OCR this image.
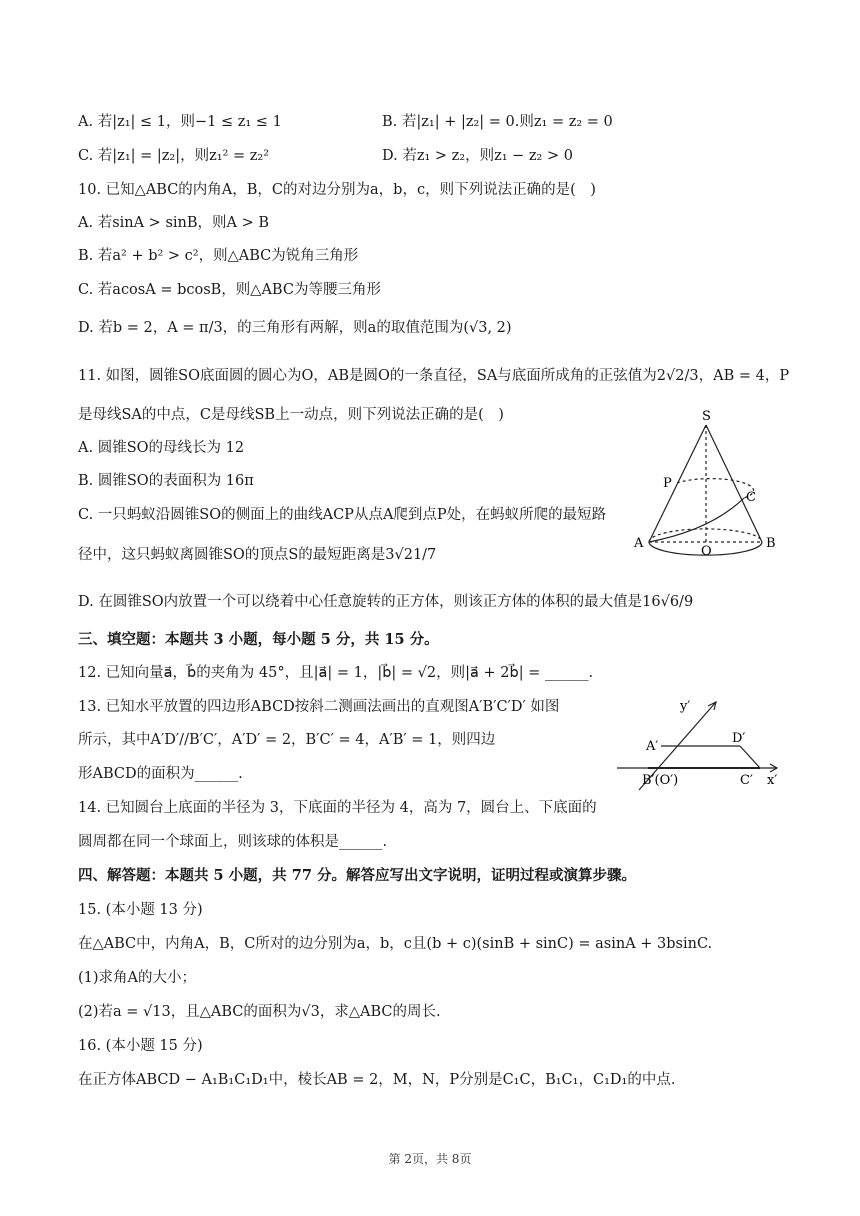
A. 若|z₁| ≤ 1，则−1 ≤ z₁ ≤ 1	B. 若|z₁| + |z₂| = 0.则z₁ = z₂ = 0
C. 若|z₁| = |z₂|，则z₁² = z₂²	D. 若z₁ > z₂，则z₁ − z₂ > 0
10. 已知△ABC的内角A，B，C的对边分别为a，b，c，则下列说法正确的是(　)
A. 若sinA > sinB，则A > B
B. 若a² + b² > c²，则△ABC为锐角三角形
C. 若acosA = bcosB，则△ABC为等腰三角形
D. 若b = 2，A = π/3，的三角形有两解，则a的取值范围为(√3, 2)
11. 如图，圆锥SO底面圆的圆心为O，AB是圆O的一条直径，SA与底面所成角的正弦值为2√2/3，AB = 4，P
是母线SA的中点，C是母线SB上一动点，则下列说法正确的是(　)
A. 圆锥SO的母线长为 12
B. 圆锥SO的表面积为 16π
C. 一只蚂蚁沿圆锥SO的侧面上的曲线ACP从点A爬到点P处，在蚂蚁所爬的最短路
径中，这只蚂蚁离圆锥SO的顶点S的最短距离是3√21/7
D. 在圆锥SO内放置一个可以绕着中心任意旋转的正方体，则该正方体的体积的最大值是16√6/9
S
P
C
A
O
B
三、填空题：本题共 3 小题，每小题 5 分，共 15 分。
12. 已知向量a⃗，b⃗的夹角为 45°，且|a⃗| = 1，|b⃗| = √2，则|a⃗ + 2b⃗| = ______.
13. 已知水平放置的四边形ABCD按斜二测画法画出的直观图A′B′C′D′ 如图
所示，其中A′D′//B′C′，A′D′ = 2，B′C′ = 4，A′B′ = 1，则四边
形ABCD的面积为______.
y′
A′
D′
B′(O′)	C′ x′
14. 已知圆台上底面的半径为 3，下底面的半径为 4，高为 7，圆台上、下底面的
圆周都在同一个球面上，则该球的体积是______.
四、解答题：本题共 5 小题，共 77 分。解答应写出文字说明，证明过程或演算步骤。
15. (本小题 13 分)
在△ABC中，内角A，B，C所对的边分别为a，b，c且(b + c)(sinB + sinC) = asinA + 3bsinC.
(1)求角A的大小；
(2)若a = √13，且△ABC的面积为√3，求△ABC的周长.
16. (本小题 15 分)
在正方体ABCD − A₁B₁C₁D₁中，棱长AB = 2，M，N，P分别是C₁C，B₁C₁，C₁D₁的中点.
第 2页，共 8页
